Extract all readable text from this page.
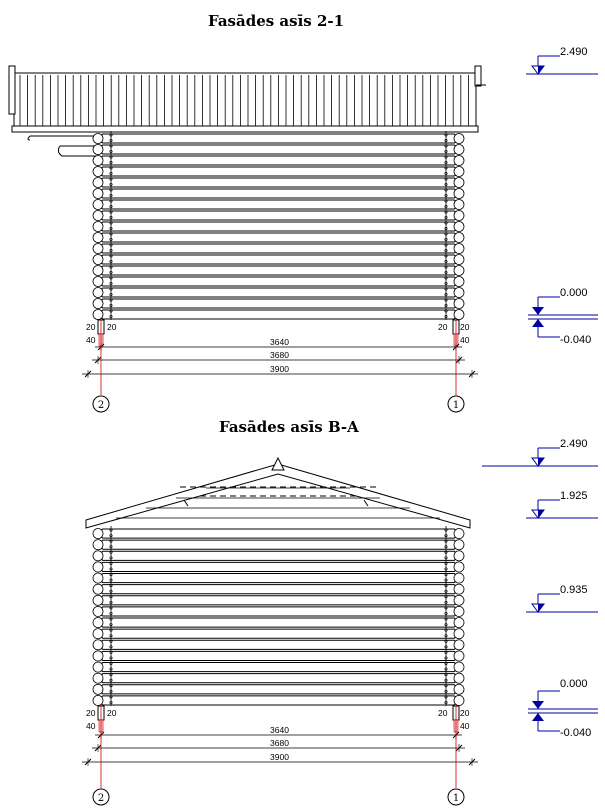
Fasādes asīs 2-1
Fasādes asīs B-A
20 20	20 20
40	40
3640
3680
3900
2	1
20 20	20 20
40	40
3640
3680
3900
2	1
2.490
0.000
-0.040
2.490
1.925
0.935
0.000
-0.040
